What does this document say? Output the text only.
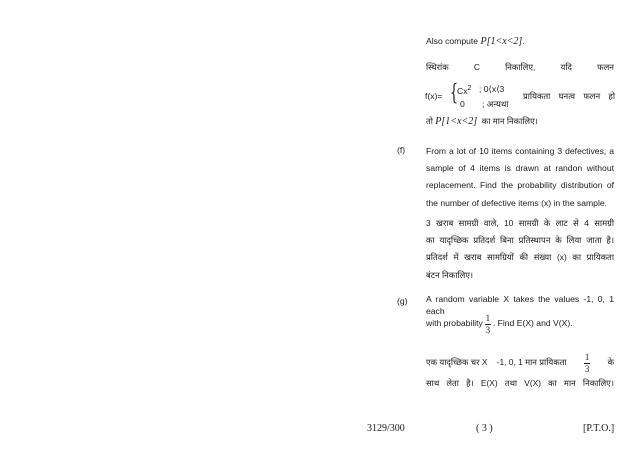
Also compute P[1<x<2].
स्थिरांक	C	निकालिए,	यदि	फलन
f(x)= {
Cx$^2$ ; 0⟨x⟨3
0	; अन्यथा
प्रायिकता घनत्व फलन हो
तो P[1<x<2] का मान निकालिए।
(f) From a lot of 10 items containing 3 defectives, a
sample of 4 items is drawn at randon without
replacement. Find the probability distribution of
the number of defective items (x) in the sample.
3 खराब सामग्री वाले, 10 सामग्री के लाट से 4 सामग्री
का यादृच्छिक प्रतिदर्श बिना प्रतिस्थापन के लिया जाता है।
प्रतिदर्श में खराब सामग्रियों की संख्या (x) का प्रायिकता
बंटन निकालिए।
(g) A random variable X takes the values -1, 0, 1 each
with probability $\frac{1}{3}$ . Find E(X) and V(X).
एक यादृच्छिक चर X    -1, 0, 1 मान प्रायिकता $\frac{1}{3}$ के
साथ लेता है। E(X) तथा V(X) का मान निकालिए।
3129/300	( 3 )	[P.T.O.]
